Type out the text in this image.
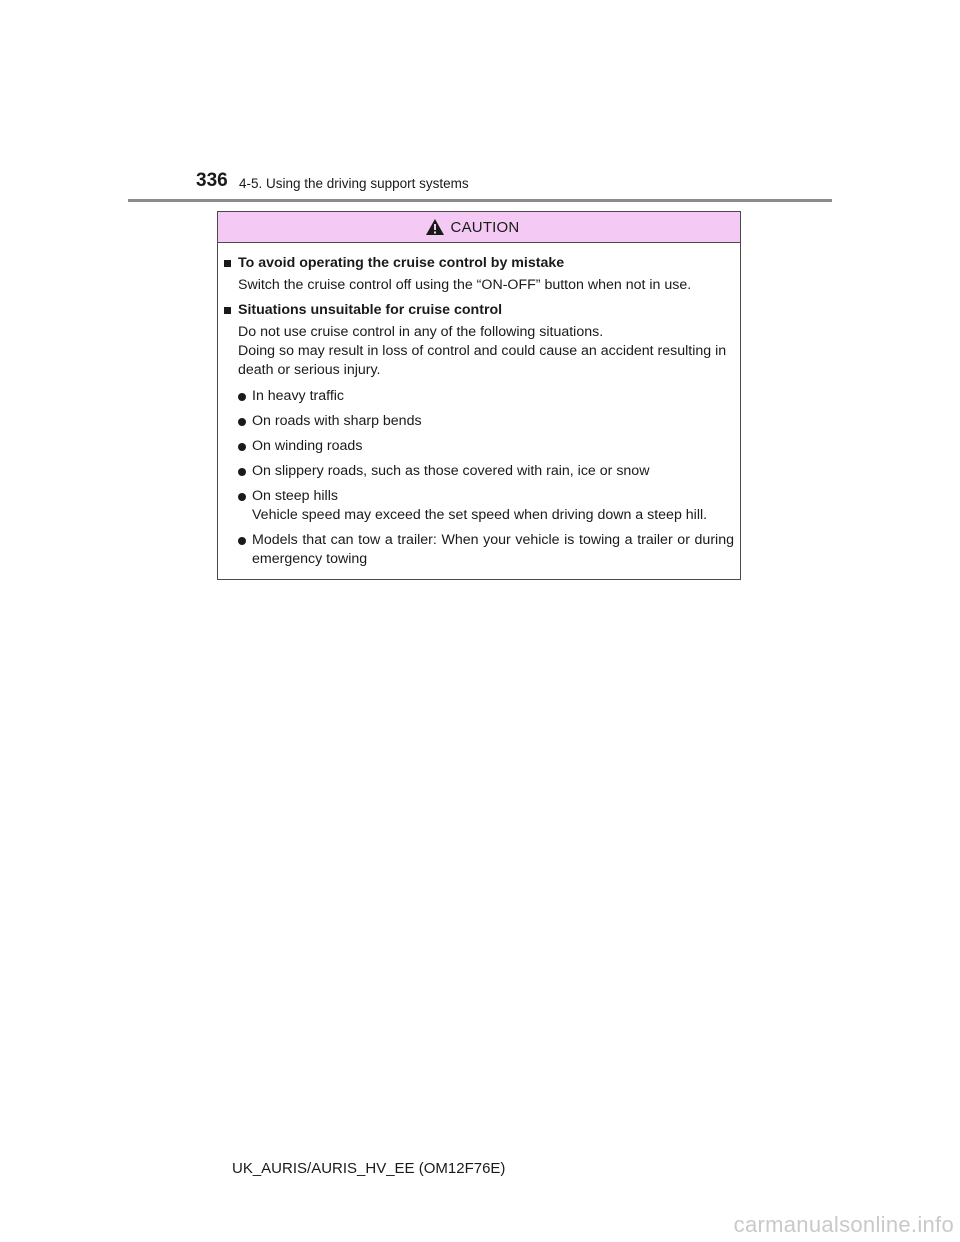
336 4-5. Using the driving support systems
CAUTION
To avoid operating the cruise control by mistake
Switch the cruise control off using the “ON-OFF” button when not in use.
Situations unsuitable for cruise control
Do not use cruise control in any of the following situations.
Doing so may result in loss of control and could cause an accident resulting in death or serious injury.
In heavy traffic
On roads with sharp bends
On winding roads
On slippery roads, such as those covered with rain, ice or snow
On steep hills
Vehicle speed may exceed the set speed when driving down a steep hill.
Models that can tow a trailer: When your vehicle is towing a trailer or during emergency towing
UK_AURIS/AURIS_HV_EE (OM12F76E)
carmanualsonline.info
